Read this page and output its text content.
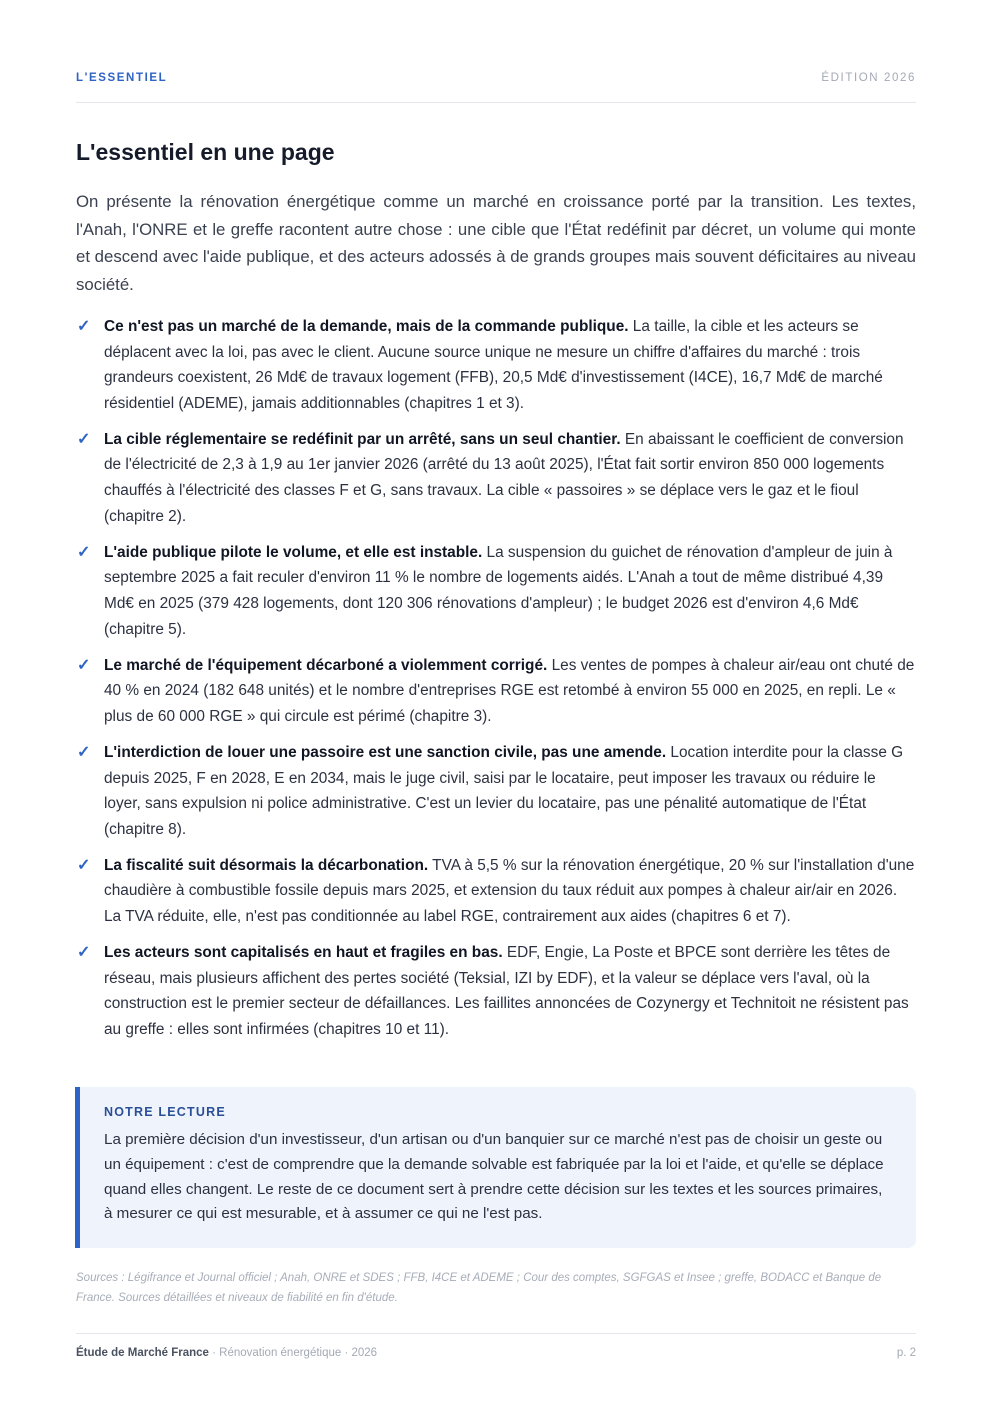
L'ESSENTIEL	ÉDITION 2026
L'essentiel en une page

On présente la rénovation énergétique comme un marché en croissance porté par la transition. Les textes, l'Anah, l'ONRE et le greffe racontent autre chose : une cible que l'État redéfinit par décret, un volume qui monte et descend avec l'aide publique, et des acteurs adossés à de grands groupes mais souvent déficitaires au niveau société.

✓ Ce n'est pas un marché de la demande, mais de la commande publique. La taille, la cible et les acteurs se déplacent avec la loi, pas avec le client. Aucune source unique ne mesure un chiffre d'affaires du marché : trois grandeurs coexistent, 26 Md€ de travaux logement (FFB), 20,5 Md€ d'investissement (I4CE), 16,7 Md€ de marché résidentiel (ADEME), jamais additionnables (chapitres 1 et 3).
✓ La cible réglementaire se redéfinit par un arrêté, sans un seul chantier. En abaissant le coefficient de conversion de l'électricité de 2,3 à 1,9 au 1er janvier 2026 (arrêté du 13 août 2025), l'État fait sortir environ 850 000 logements chauffés à l'électricité des classes F et G, sans travaux. La cible « passoires » se déplace vers le gaz et le fioul (chapitre 2).
✓ L'aide publique pilote le volume, et elle est instable. La suspension du guichet de rénovation d'ampleur de juin à septembre 2025 a fait reculer d'environ 11 % le nombre de logements aidés. L'Anah a tout de même distribué 4,39 Md€ en 2025 (379 428 logements, dont 120 306 rénovations d'ampleur) ; le budget 2026 est d'environ 4,6 Md€ (chapitre 5).
✓ Le marché de l'équipement décarboné a violemment corrigé. Les ventes de pompes à chaleur air/eau ont chuté de 40 % en 2024 (182 648 unités) et le nombre d'entreprises RGE est retombé à environ 55 000 en 2025, en repli. Le « plus de 60 000 RGE » qui circule est périmé (chapitre 3).
✓ L'interdiction de louer une passoire est une sanction civile, pas une amende. Location interdite pour la classe G depuis 2025, F en 2028, E en 2034, mais le juge civil, saisi par le locataire, peut imposer les travaux ou réduire le loyer, sans expulsion ni police administrative. C'est un levier du locataire, pas une pénalité automatique de l'État (chapitre 8).
✓ La fiscalité suit désormais la décarbonation. TVA à 5,5 % sur la rénovation énergétique, 20 % sur l'installation d'une chaudière à combustible fossile depuis mars 2025, et extension du taux réduit aux pompes à chaleur air/air en 2026. La TVA réduite, elle, n'est pas conditionnée au label RGE, contrairement aux aides (chapitres 6 et 7).
✓ Les acteurs sont capitalisés en haut et fragiles en bas. EDF, Engie, La Poste et BPCE sont derrière les têtes de réseau, mais plusieurs affichent des pertes société (Teksial, IZI by EDF), et la valeur se déplace vers l'aval, où la construction est le premier secteur de défaillances. Les faillites annoncées de Cozynergy et Technitoit ne résistent pas au greffe : elles sont infirmées (chapitres 10 et 11).
NOTRE LECTURE

La première décision d'un investisseur, d'un artisan ou d'un banquier sur ce marché n'est pas de choisir un geste ou un équipement : c'est de comprendre que la demande solvable est fabriquée par la loi et l'aide, et qu'elle se déplace quand elles changent. Le reste de ce document sert à prendre cette décision sur les textes et les sources primaires, à mesurer ce qui est mesurable, et à assumer ce qui ne l'est pas.

Sources : Légifrance et Journal officiel ; Anah, ONRE et SDES ; FFB, I4CE et ADEME ; Cour des comptes, SGFGAS et Insee ; greffe, BODACC et Banque de France. Sources détaillées et niveaux de fiabilité en fin d'étude.

Étude de Marché France · Rénovation énergétique · 2026	p. 2
